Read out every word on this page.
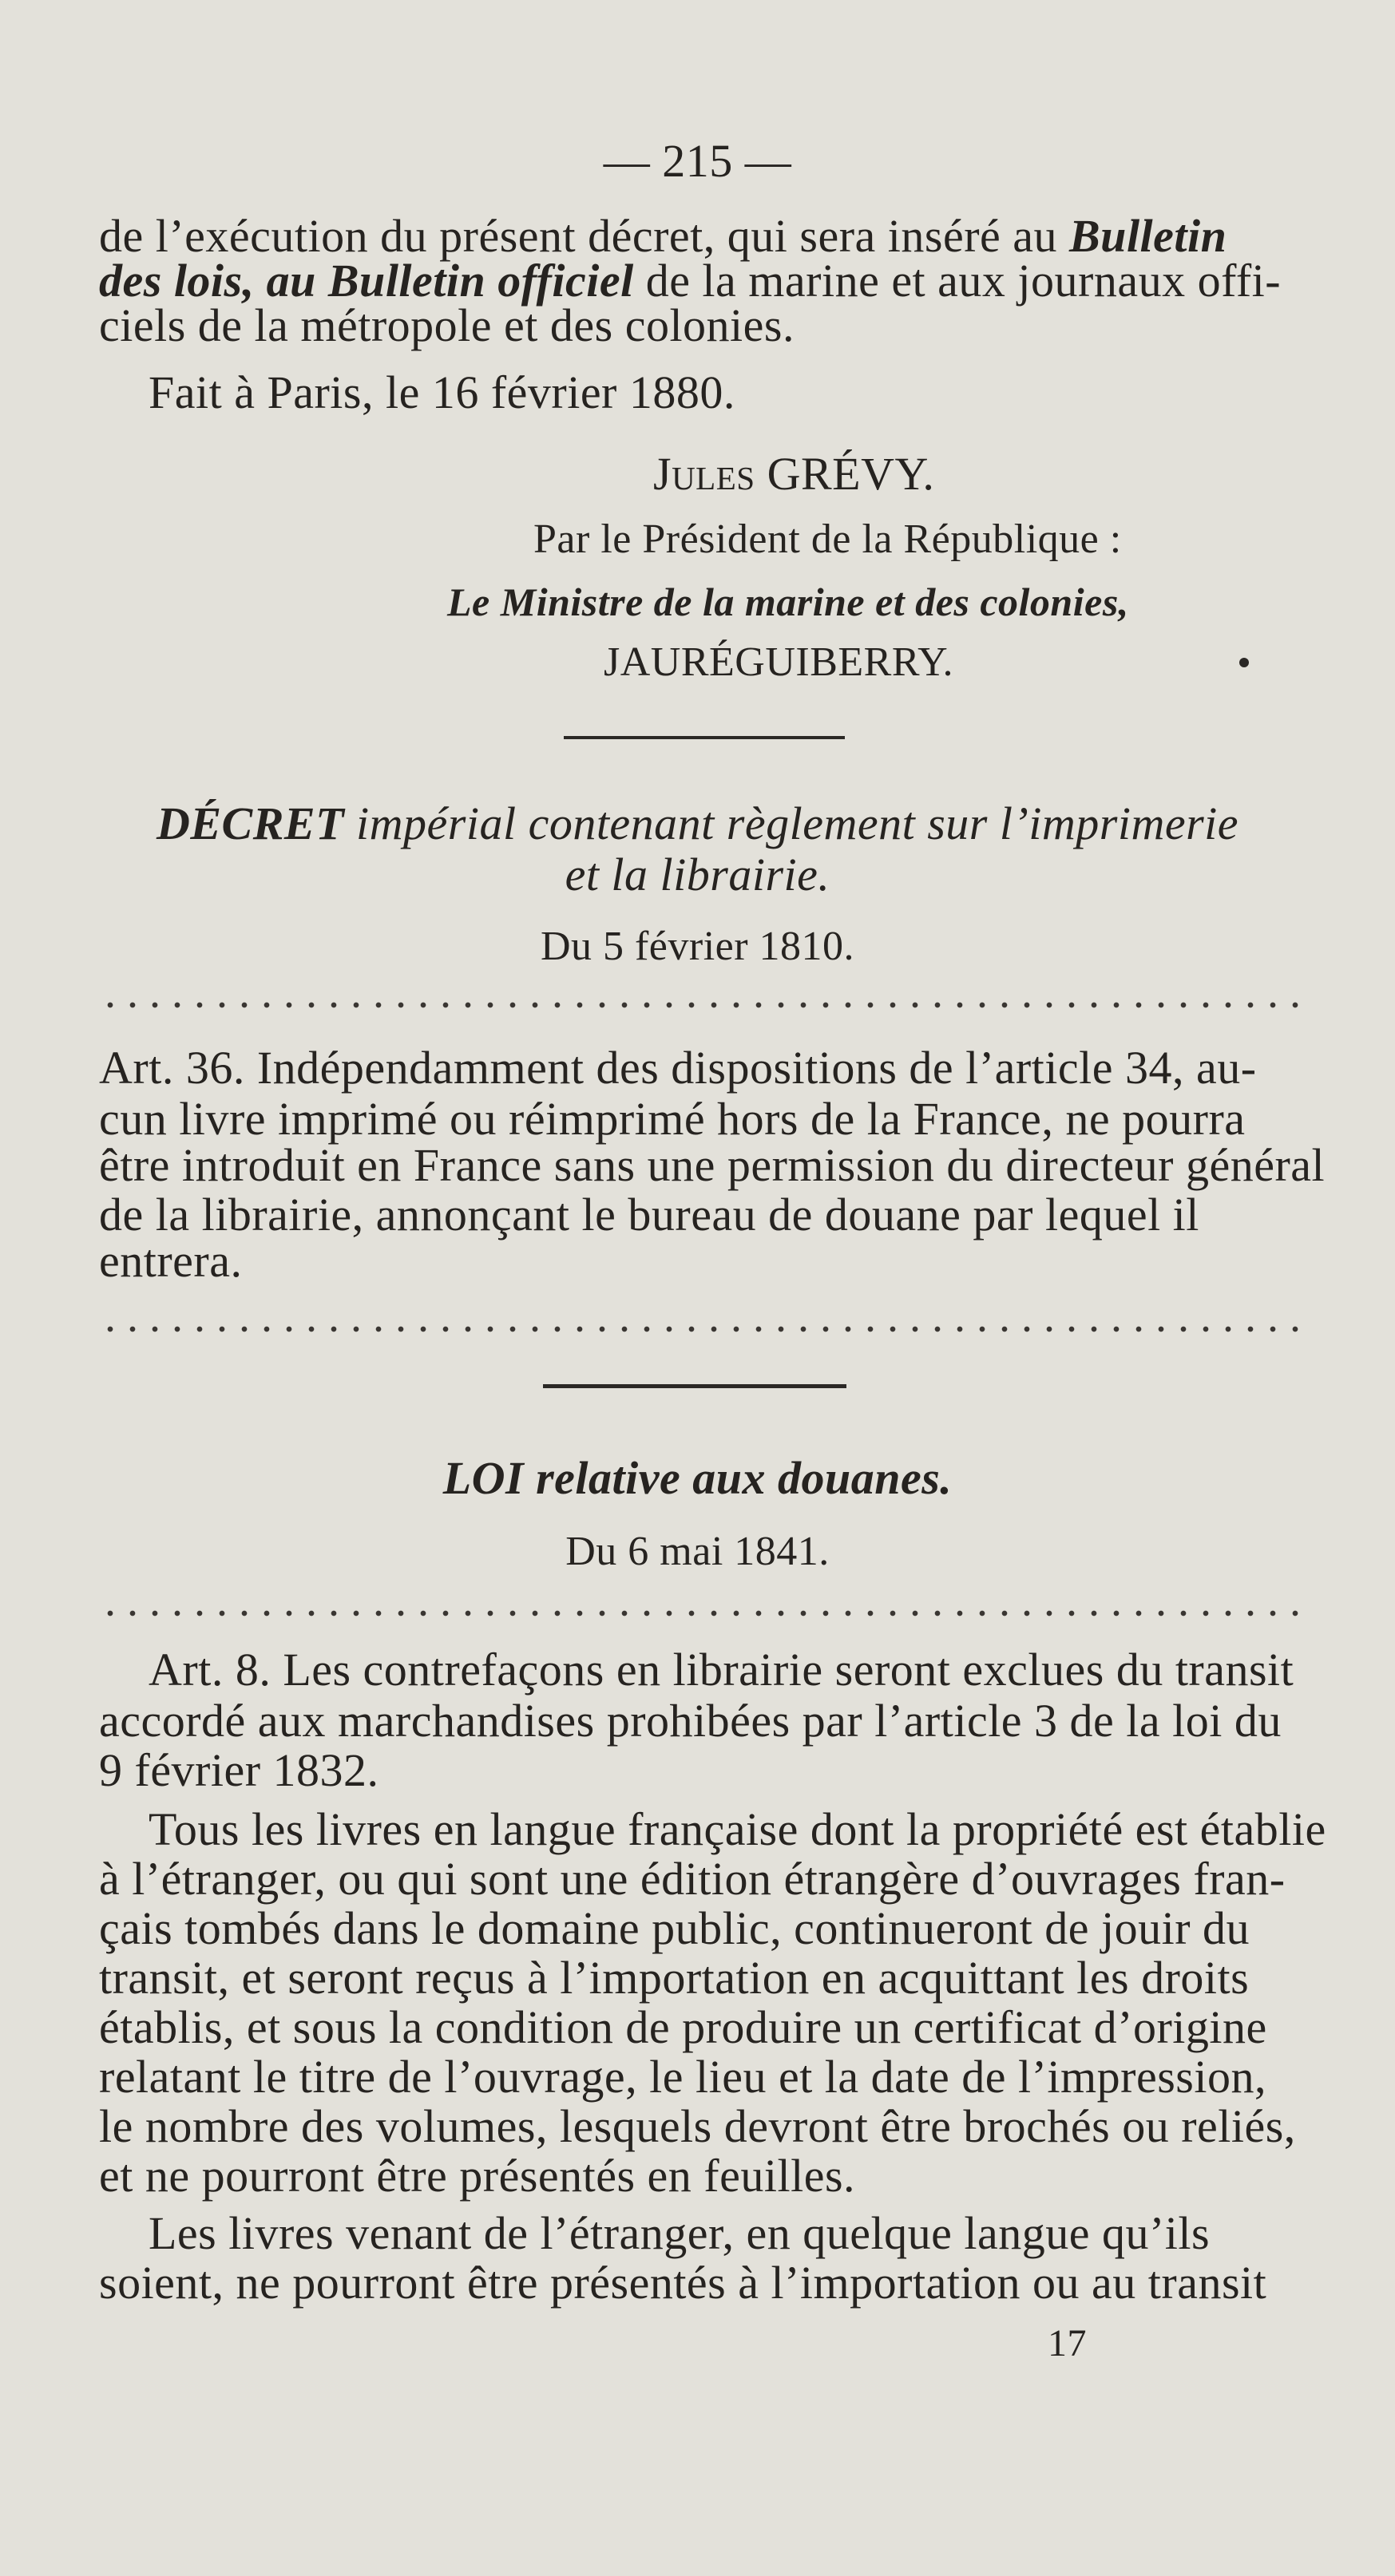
— 215 —
de l’exécution du présent décret, qui sera inséré au Bulletin
des lois, au Bulletin officiel de la marine et aux journaux offi-
ciels de la métropole et des colonies.
Fait à Paris, le 16 février 1880.
Jules GRÉVY.
Par le Président de la République :
Le Ministre de la marine et des colonies,
JAURÉGUIBERRY.
DÉCRET impérial contenant règlement sur l’imprimerie
et la librairie.
Du 5 février 1810.
Art. 36. Indépendamment des dispositions de l’article 34, au-
cun livre imprimé ou réimprimé hors de la France, ne pourra
être introduit en France sans une permission du directeur général
de la librairie, annonçant le bureau de douane par lequel il
entrera.
LOI relative aux douanes.
Du 6 mai 1841.
Art. 8. Les contrefaçons en librairie seront exclues du transit
accordé aux marchandises prohibées par l’article 3 de la loi du
9 février 1832.
Tous les livres en langue française dont la propriété est établie
à l’étranger, ou qui sont une édition étrangère d’ouvrages fran-
çais tombés dans le domaine public, continueront de jouir du
transit, et seront reçus à l’importation en acquittant les droits
établis, et sous la condition de produire un certificat d’origine
relatant le titre de l’ouvrage, le lieu et la date de l’impression,
le nombre des volumes, lesquels devront être brochés ou reliés,
et ne pourront être présentés en feuilles.
Les livres venant de l’étranger, en quelque langue qu’ils
soient, ne pourront être présentés à l’importation ou au transit
17
